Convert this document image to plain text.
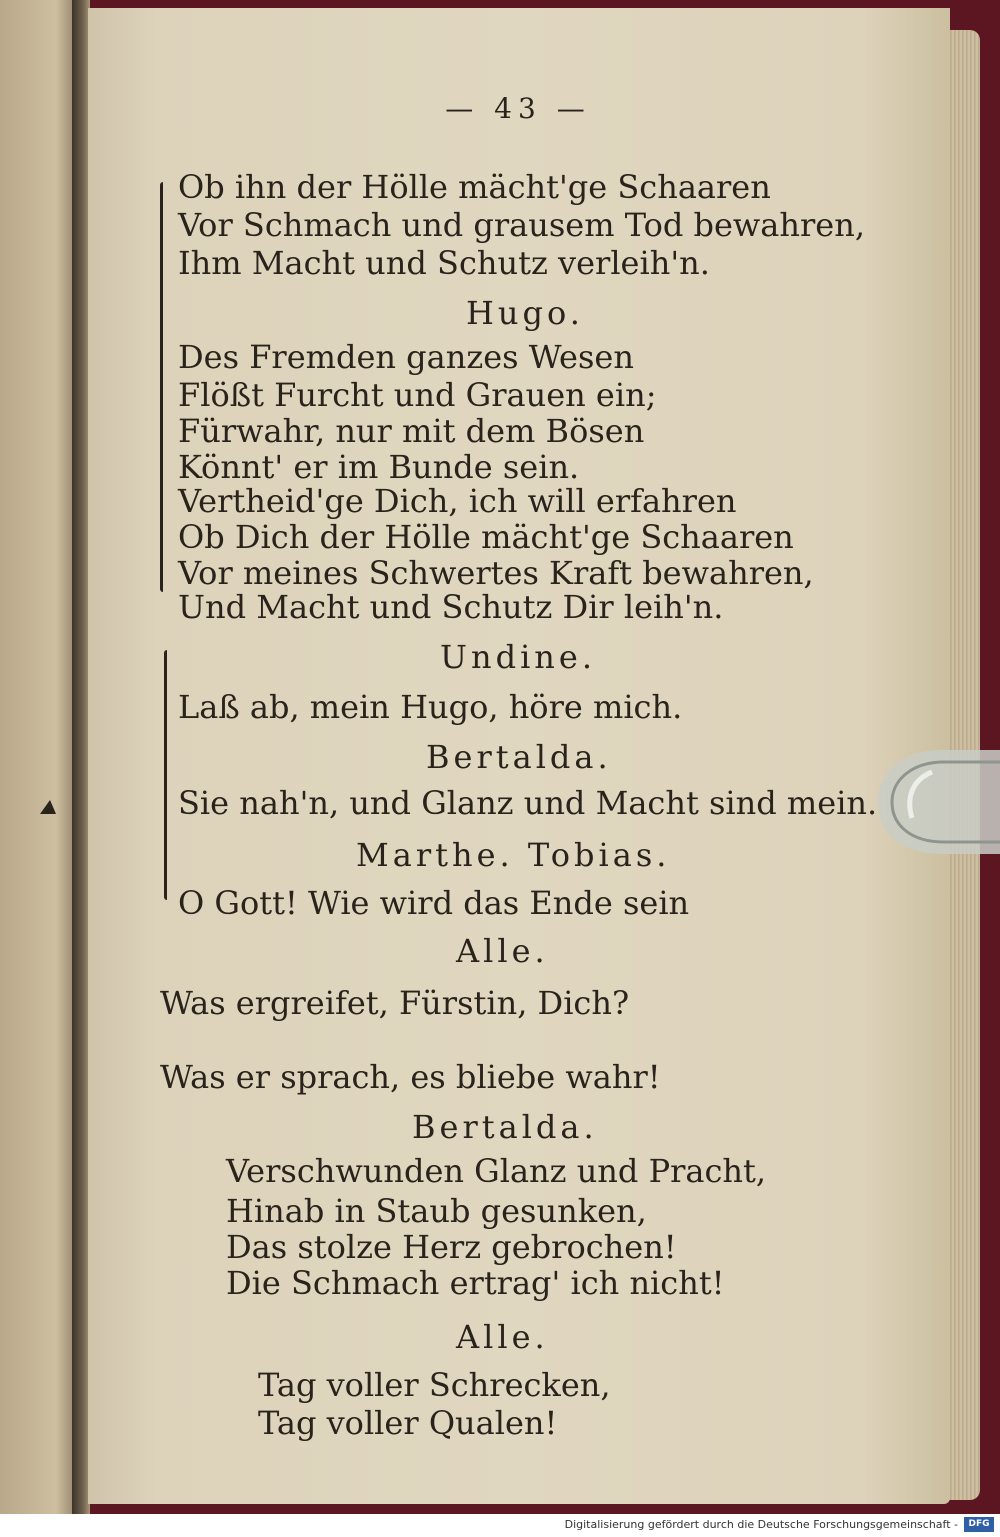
— 43 —
Ob ihn der Hölle mächt'ge Schaaren
Vor Schmach und grausem Tod bewahren,
Ihm Macht und Schutz verleih'n.
Hugo.
Des Fremden ganzes Wesen
Flößt Furcht und Grauen ein;
Fürwahr, nur mit dem Bösen
Könnt' er im Bunde sein.
Vertheid'ge Dich, ich will erfahren
Ob Dich der Hölle mächt'ge Schaaren
Vor meines Schwertes Kraft bewahren,
Und Macht und Schutz Dir leih'n.
Undine.
Laß ab, mein Hugo, höre mich.
Bertalda.
Sie nah'n, und Glanz und Macht sind mein.
Marthe. Tobias.
O Gott! Wie wird das Ende sein
Alle.
Was ergreifet, Fürstin, Dich?
Was er sprach, es bliebe wahr!
Bertalda.
Verschwunden Glanz und Pracht,
Hinab in Staub gesunken,
Das stolze Herz gebrochen!
Die Schmach ertrag' ich nicht!
Alle.
Tag voller Schrecken,
Tag voller Qualen!
Digitalisierung gefördert durch die Deutsche Forschungsgemeinschaft -	DFG
